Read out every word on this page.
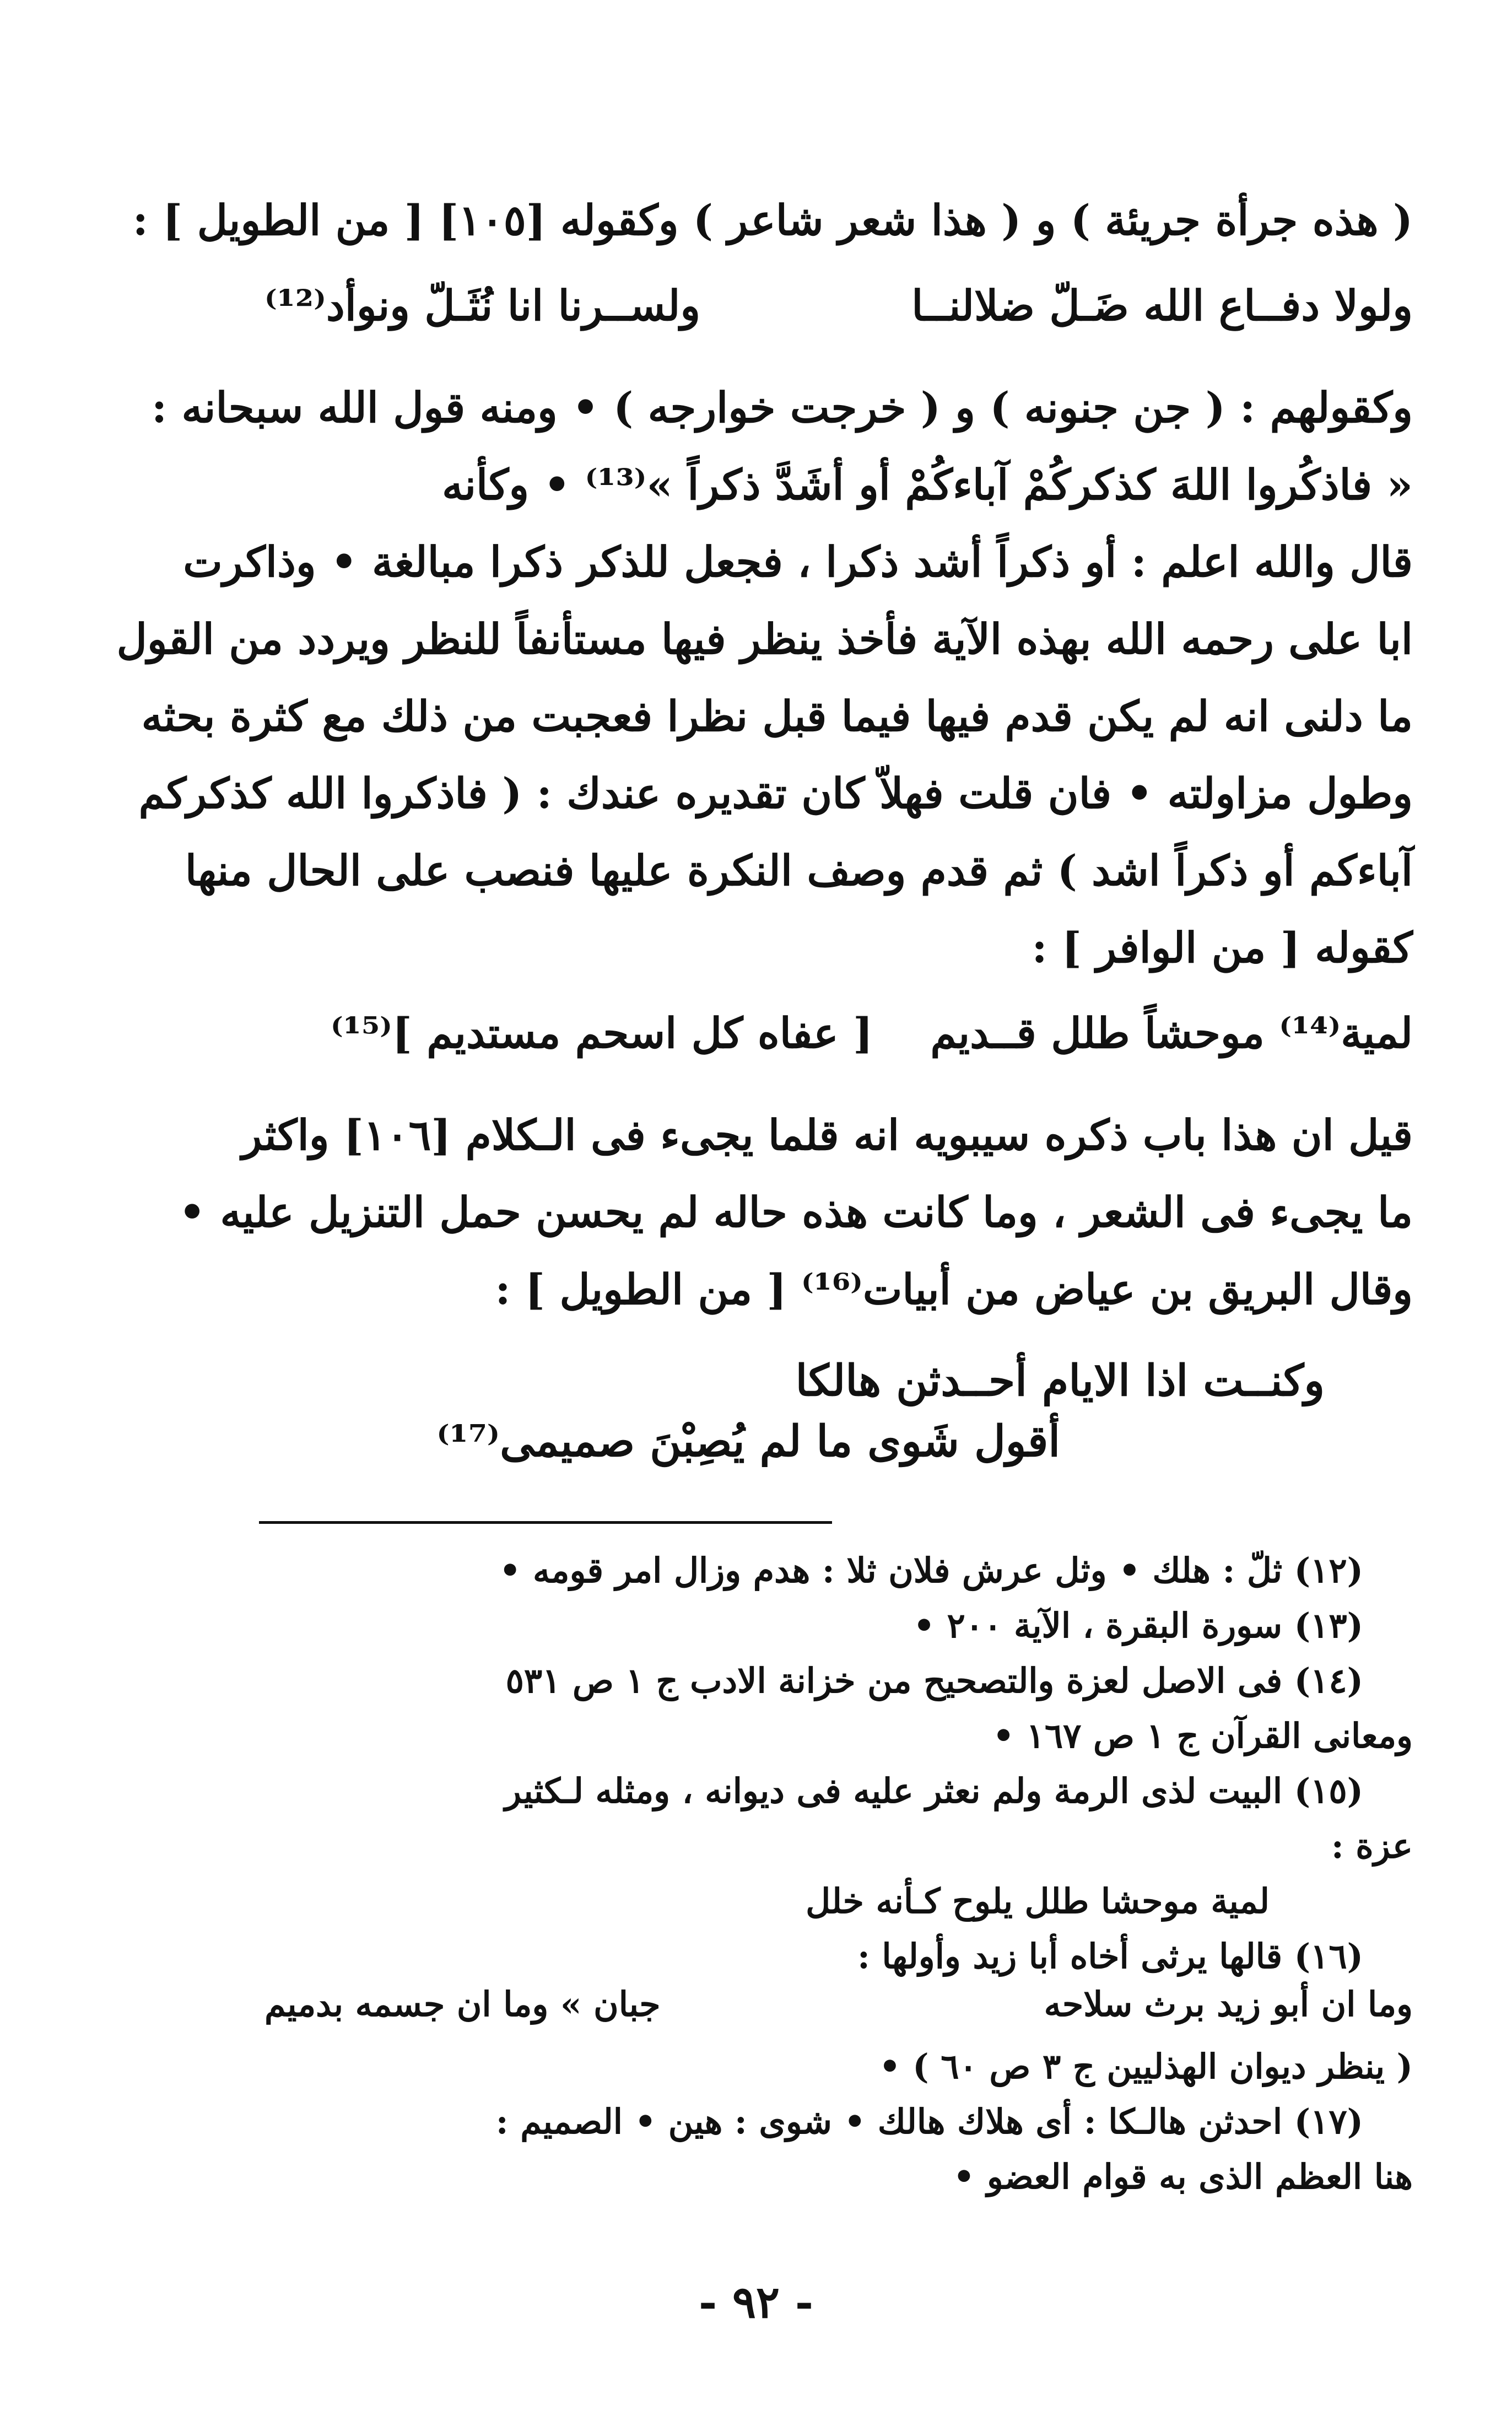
( هذه جرأة جريئة ) و ( هذا شعر شاعر ) وكقوله [١٠٥] [ من الطويل ] :
ولولا دفــاع الله ضَـلّ ضلالنــا
ولســرنا انا نُثَـلّ ونوأد⁽¹²⁾
وكقولهم : ( جن جنونه ) و ( خرجت خوارجه ) • ومنه قول الله سبحانه :
« فاذكُروا اللهَ كذكركُمْ آباءكُمْ أو أشَدَّ ذكراً »⁽¹³⁾ • وكأنه
قال والله اعلم : أو ذكراً أشد ذكرا ، فجعل للذكر ذكرا مبالغة • وذاكرت
ابا على رحمه الله بهذه الآية فأخذ ينظر فيها مستأنفاً للنظر ويردد من القول
ما دلنى انه لم يكن قدم فيها فيما قبل نظرا فعجبت من ذلك مع كثرة بحثه
وطول مزاولته • فان قلت فهلاّ كان تقديره عندك : ( فاذكروا الله كذكركم
آباءكم أو ذكراً اشد ) ثم قدم وصف النكرة عليها فنصب على الحال منها
كقوله [ من الوافر ] :
لمية⁽¹⁴⁾ موحشاً طلل قــديم
[ عفاه كل اسحم مستديم ]⁽¹⁵⁾
قيل ان هذا باب ذكره سيبويه انه قلما يجىء فى الـكلام [١٠٦] واكثر
ما يجىء فى الشعر ، وما كانت هذه حاله لم يحسن حمل التنزيل عليه •
وقال البريق بن عياض من أبيات⁽¹⁶⁾ [ من الطويل ] :
وكنــت اذا الايام أحــدثن هالكا
أقول شَوى ما لم يُصِبْنَ صميمى⁽¹⁷⁾
(١٢) ثلّ : هلك • وثل عرش فلان ثلا : هدم وزال امر قومه •
(١٣) سورة البقرة ، الآية ٢٠٠ •
(١٤) فى الاصل لعزة والتصحيح من خزانة الادب ج ١ ص ٥٣١
ومعانى القرآن ج ١ ص ١٦٧ •
(١٥) البيت لذى الرمة ولم نعثر عليه فى ديوانه ، ومثله لـكثير
عزة :
لمية موحشا طلل يلوح كـأنه خلل
(١٦) قالها يرثى أخاه أبا زيد وأولها :
وما ان أبو زيد برث سلاحه
جبان » وما ان جسمه بدميم
( ينظر ديوان الهذليين ج ٣ ص ٦٠ ) •
(١٧) احدثن هالـكا : أى هلاك هالك • شوى : هين • الصميم :
هنا العظم الذى به قوام العضو •
- ٩٢ -
